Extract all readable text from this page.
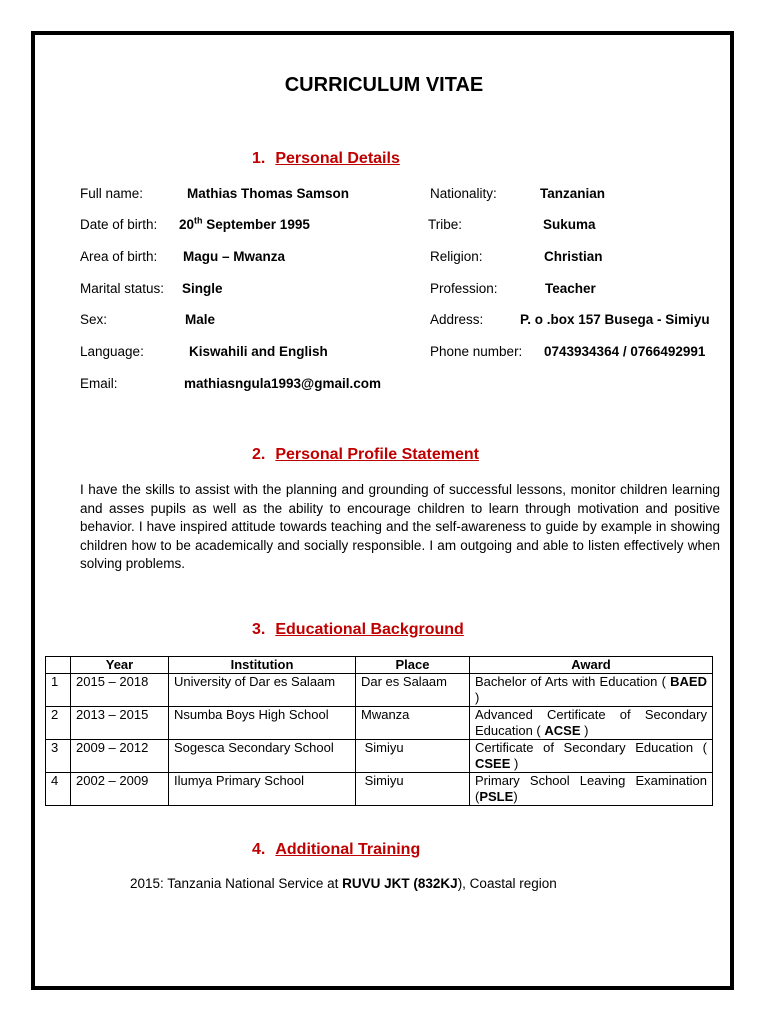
CURRICULUM VITAE
1. Personal Details
Full name:	Mathias Thomas Samson
Date of birth: 20th September 1995
Area of birth: Magu – Mwanza
Marital status: Single
Sex:	Male
Language:	Kiswahili and English
Email:	mathiasngula1993@gmail.com
Nationality:	Tanzanian
Tribe:	Sukuma
Religion:	Christian
Profession:	Teacher
Address:	P. o .box 157 Busega - Simiyu
Phone number: 0743934364 / 0766492991
2. Personal Profile Statement
I have the skills to assist with the planning and grounding of successful lessons, monitor children learning and asses pupils as well as the ability to encourage children to learn through motivation and positive behavior. I have inspired attitude towards teaching and the self-awareness to guide by example in showing children how to be academically and socially responsible. I am outgoing and able to listen effectively when solving problems.
3. Educational Background
	Year	Institution	Place	Award
1	2015 – 2018	University of Dar es Salaam	Dar es Salaam	Bachelor of Arts with Education ( BAED )
2	2013 – 2015	Nsumba Boys High School	Mwanza	Advanced Certificate of Secondary Education ( ACSE )
3	2009 – 2012	Sogesca Secondary School	Simiyu	Certificate of Secondary Education ( CSEE )
4	2002 – 2009	Ilumya Primary School	Simiyu	Primary School Leaving Examination (PSLE)
4. Additional Training
2015: Tanzania National Service at RUVU JKT (832KJ), Coastal region
